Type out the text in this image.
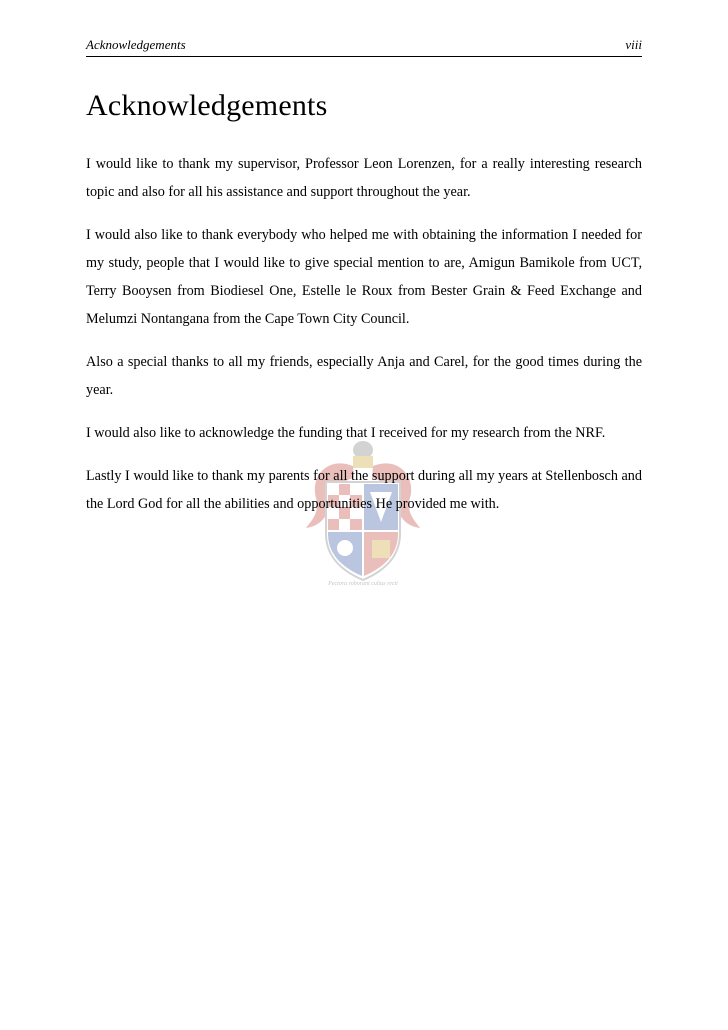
Acknowledgements	viii
Acknowledgements
Pectora roborant cultus recti

I would like to thank my supervisor, Professor Leon Lorenzen, for a really interesting research topic and also for all his assistance and support throughout the year.

I would also like to thank everybody who helped me with obtaining the information I needed for my study, people that I would like to give special mention to are, Amigun Bamikole from UCT, Terry Booysen from Biodiesel One, Estelle le Roux from Bester Grain & Feed Exchange and Melumzi Nontangana from the Cape Town City Council.

Also a special thanks to all my friends, especially Anja and Carel, for the good times during the year.

I would also like to acknowledge the funding that I received for my research from the NRF.

Lastly I would like to thank my parents for all the support during all my years at Stellenbosch and the Lord God for all the abilities and opportunities He provided me with.
